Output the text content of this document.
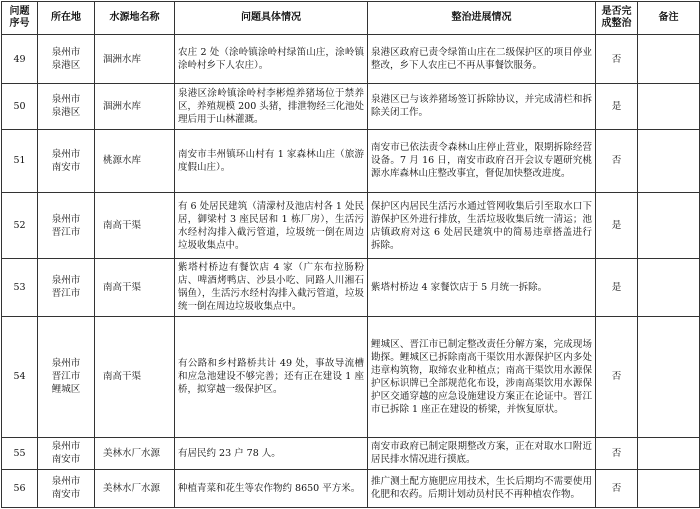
问题
序号	所在地	水源地名称	问题具体情况	整治进展情况	是否完
成整治	备注
49	泉州市
泉港区	涸洲水库	农庄 2 处（涂岭镇涂岭村绿笛山庄，涂岭镇涂岭村乡下人农庄）。	泉港区政府已责令绿笛山庄在二级保护区的项目停业整改，乡下人农庄已不再从事餐饮服务。	否	
50	泉州市
泉港区	涸洲水库	泉港区涂岭镇涂岭村李彬煌养猪场位于禁养区，养殖规模 200 头猪，排泄物经三化池处理后用于山林灌溉。	泉港区已与该养猪场签订拆除协议，并完成清栏和拆除关闭工作。	是	
51	泉州市
南安市	桃源水库	南安市丰州镇环山村有 1 家森林山庄（旅游度假山庄）。	南安市已依法责令森林山庄停止营业，限期拆除经营设备。7 月 16 日，南安市政府召开会议专题研究桃源水库森林山庄整改事宜，督促加快整改进度。	否	
52	泉州市
晋江市	南高干渠	有 6 处居民建筑（清濛村及池店村各 1 处民居，御梁村 3 座民居和 1 栋厂房），生活污水经村沟排入截污管道，垃圾统一倒在周边垃圾收集点中。	保护区内居民生活污水通过管网收集后引至取水口下游保护区外进行排放，生活垃圾收集后统一清运；池店镇政府对这 6 处居民建筑中的简易违章搭盖进行拆除。	是	
53	泉州市
晋江市	南高干渠	紫塔村桥边有餐饮店 4 家（广东布拉肠粉店、啤酒烤鸭店、沙县小吃、同路人川湘石锅鱼），生活污水经村沟排入截污管道，垃圾统一倒在周边垃圾收集点中。	紫塔村桥边 4 家餐饮店于 5 月统一拆除。	是	
54	泉州市
晋江市
鲤城区	南高干渠	有公路和乡村路桥共计 49 处，事故导流槽和应急池建设不够完善；还有正在建设 1 座桥，拟穿越一级保护区。	鲤城区、晋江市已制定整改责任分解方案，完成现场勘探。鲤城区已拆除南高干渠饮用水源保护区内多处违章构筑物，取缔农业种植点；南高干渠饮用水源保护区标识牌已全部规范化布设，涉南高渠饮用水源保护区交通穿越的应急设施建设方案正在论证中。晋江市已拆除 1 座正在建设的桥梁，并恢复原状。	否	
55	泉州市
南安市	美林水厂水源	有居民约 23 户 78 人。	南安市政府已制定限期整改方案，正在对取水口附近居民排水情况进行摸底。	否	
56	泉州市
南安市	美林水厂水源	种植青菜和花生等农作物约 8650 平方米。	推广测土配方施肥应用技术，生长后期均不需要使用化肥和农药。后期计划动员村民不再种植农作物。	否	
